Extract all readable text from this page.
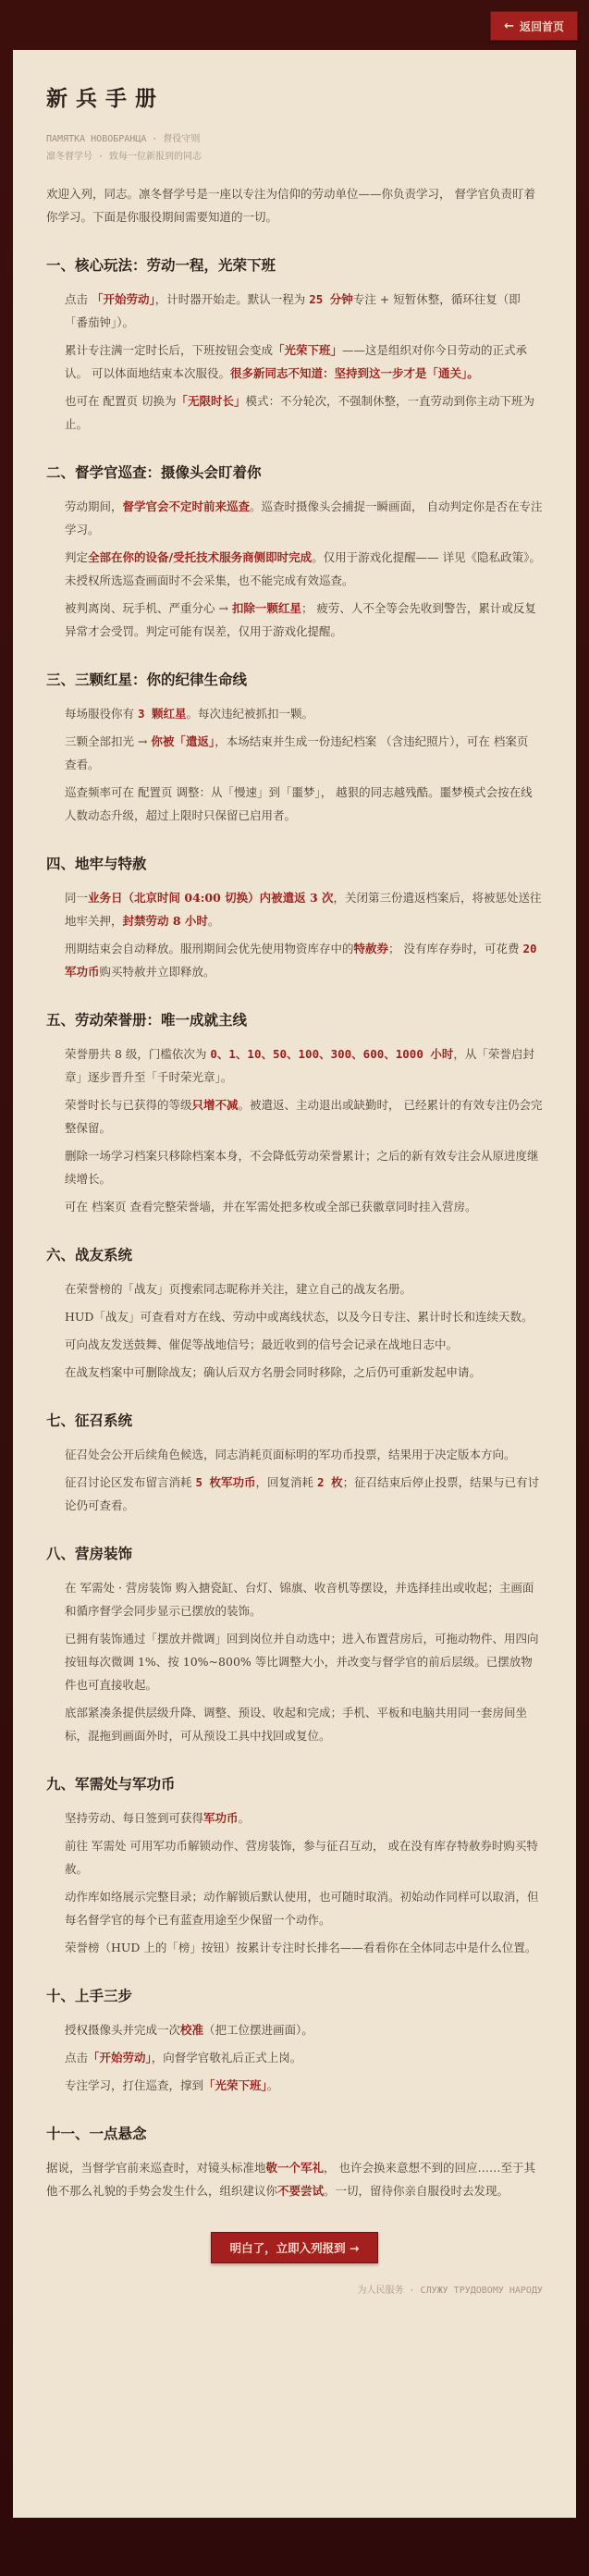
← 返回首页
新兵手册
ПАМЯТКА НОВОБРАНЦА · 督役守则
凛冬督学号 · 致每一位新报到的同志
欢迎入列，同志。凛冬督学号是一座以专注为信仰的劳动单位——你负责学习， 督学官负责盯着你学习。下面是你服役期间需要知道的一切。
一、核心玩法：劳动一程，光荣下班

点击 「开始劳动」，计时器开始走。默认一程为 25 分钟专注 + 短暂休整，循环往复（即「番茄钟」）。

累计专注满一定时长后，下班按钮会变成「光荣下班」——这是组织对你今日劳动的正式承认。 可以体面地结束本次服役。很多新同志不知道：坚持到这一步才是「通关」。

也可在 配置页 切换为「无限时长」模式：不分轮次，不强制休整，一直劳动到你主动下班为止。

二、督学官巡查：摄像头会盯着你

劳动期间，督学官会不定时前来巡查。巡查时摄像头会捕捉一瞬画面， 自动判定你是否在专注学习。

判定全部在你的设备/受托技术服务商侧即时完成。仅用于游戏化提醒—— 详见《隐私政策》。未授权所选巡查画面时不会采集，也不能完成有效巡查。

被判离岗、玩手机、严重分心 → 扣除一颗红星； 疲劳、人不全等会先收到警告，累计或反复异常才会受罚。判定可能有误差，仅用于游戏化提醒。

三、三颗红星：你的纪律生命线

每场服役你有 3 颗红星。每次违纪被抓扣一颗。

三颗全部扣光 → 你被「遣返」，本场结束并生成一份违纪档案 （含违纪照片），可在 档案页 查看。

巡查频率可在 配置页 调整：从「慢速」到「噩梦」， 越狠的同志越残酷。噩梦模式会按在线人数动态升级，超过上限时只保留已启用者。

四、地牢与特赦

同一业务日（北京时间 04:00 切换）内被遣返 3 次，关闭第三份遣返档案后，将被惩处送往地牢关押，封禁劳动 8 小时。

刑期结束会自动释放。服刑期间会优先使用物资库存中的特赦券； 没有库存券时，可花费 20 军功币购买特赦并立即释放。

五、劳动荣誉册：唯一成就主线

荣誉册共 8 级，门槛依次为 0、1、10、50、100、300、600、1000 小时，从「荣誉启封章」逐步晋升至「千时荣光章」。

荣誉时长与已获得的等级只增不减。被遣返、主动退出或缺勤时， 已经累计的有效专注仍会完整保留。

删除一场学习档案只移除档案本身，不会降低劳动荣誉累计；之后的新有效专注会从原进度继续增长。

可在 档案页 查看完整荣誉墙，并在军需处把多枚或全部已获徽章同时挂入营房。

六、战友系统

在荣誉榜的「战友」页搜索同志昵称并关注，建立自己的战友名册。

HUD「战友」可查看对方在线、劳动中或离线状态，以及今日专注、累计时长和连续天数。

可向战友发送鼓舞、催促等战地信号；最近收到的信号会记录在战地日志中。

在战友档案中可删除战友；确认后双方名册会同时移除，之后仍可重新发起申请。

七、征召系统

征召处会公开后续角色候选，同志消耗页面标明的军功币投票，结果用于决定版本方向。

征召讨论区发布留言消耗 5 枚军功币，回复消耗 2 枚；征召结束后停止投票，结果与已有讨论仍可查看。

八、营房装饰

在 军需处 · 营房装饰 购入搪瓷缸、台灯、锦旗、收音机等摆设，并选择挂出或收起；主画面和循序督学会同步显示已摆放的装饰。

已拥有装饰通过「摆放并微调」回到岗位并自动选中；进入布置营房后，可拖动物件、用四向按钮每次微调 1%、按 10%~800% 等比调整大小，并改变与督学官的前后层级。已摆放物件也可直接收起。

底部紧凑条提供层级升降、调整、预设、收起和完成；手机、平板和电脑共用同一套房间坐标，混拖到画面外时，可从预设工具中找回或复位。

九、军需处与军功币

坚持劳动、每日签到可获得军功币。

前往 军需处 可用军功币解锁动作、营房装饰，参与征召互动， 或在没有库存特赦券时购买特赦。

动作库如络展示完整目录；动作解锁后默认使用，也可随时取消。初始动作同样可以取消，但每名督学官的每个已有蓝查用途至少保留一个动作。

荣誉榜（HUD 上的「榜」按钮）按累计专注时长排名——看看你在全体同志中是什么位置。

十、上手三步

授权摄像头并完成一次校准（把工位摆进画面）。

点击「开始劳动」，向督学官敬礼后正式上岗。

专注学习，打住巡查，撑到「光荣下班」。

十一、一点悬念

据说，当督学官前来巡查时，对镜头标准地敬一个军礼， 也许会换来意想不到的回应……至于其他不那么礼貌的手势会发生什么，组织建议你不要尝试。一切，留待你亲自服役时去发现。

明白了，立即入列报到 →
为人民服务 · СЛУЖУ ТРУДОВОМУ НАРОДУ
